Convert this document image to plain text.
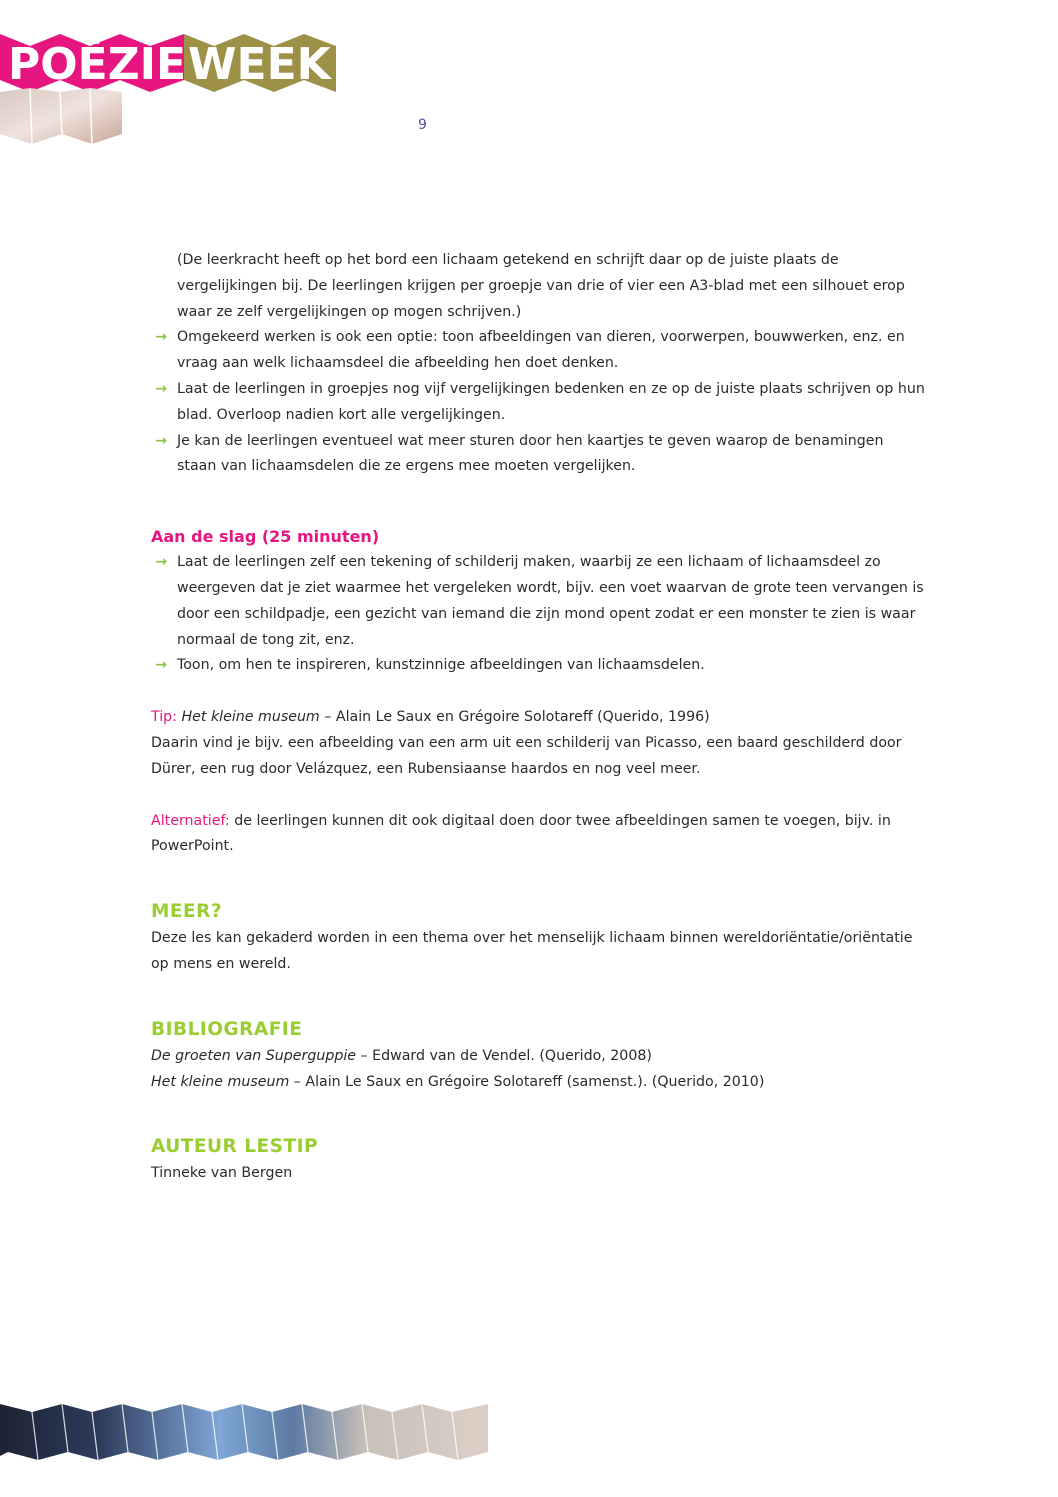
POËZIE WEEK
9

(De leerkracht heeft op het bord een lichaam getekend en schrijft daar op de juiste plaats de vergelijkingen bij. De leerlingen krijgen per groepje van drie of vier een A3-blad met een silhouet erop waar ze zelf vergelijkingen op mogen schrijven.)

→ Omgekeerd werken is ook een optie: toon afbeeldingen van dieren, voorwerpen, bouwwerken, enz. en vraag aan welk lichaamsdeel die afbeelding hen doet denken.
→ Laat de leerlingen in groepjes nog vijf vergelijkingen bedenken en ze op de juiste plaats schrijven op hun blad. Overloop nadien kort alle vergelijkingen.
→ Je kan de leerlingen eventueel wat meer sturen door hen kaartjes te geven waarop de benamingen staan van lichaamsdelen die ze ergens mee moeten vergelijken.
Aan de slag (25 minuten)
→ Laat de leerlingen zelf een tekening of schilderij maken, waarbij ze een lichaam of lichaamsdeel zo weergeven dat je ziet waarmee het vergeleken wordt, bijv. een voet waarvan de grote teen vervangen is door een schildpadje, een gezicht van iemand die zijn mond opent zodat er een monster te zien is waar normaal de tong zit, enz.
→ Toon, om hen te inspireren, kunstzinnige afbeeldingen van lichaamsdelen.

Tip: Het kleine museum – Alain Le Saux en Grégoire Solotareff (Querido, 1996)

Daarin vind je bijv. een afbeelding van een arm uit een schilderij van Picasso, een baard geschilderd door Dürer, een rug door Velázquez, een Rubensiaanse haardos en nog veel meer.

Alternatief: de leerlingen kunnen dit ook digitaal doen door twee afbeeldingen samen te voegen, bijv. in PowerPoint.

MEER?

Deze les kan gekaderd worden in een thema over het menselijk lichaam binnen wereldoriëntatie/oriëntatie op mens en wereld.

BIBLIOGRAFIE

De groeten van Superguppie – Edward van de Vendel. (Querido, 2008)

Het kleine museum – Alain Le Saux en Grégoire Solotareff (samenst.). (Querido, 2010)

AUTEUR LESTIP

Tinneke van Bergen
